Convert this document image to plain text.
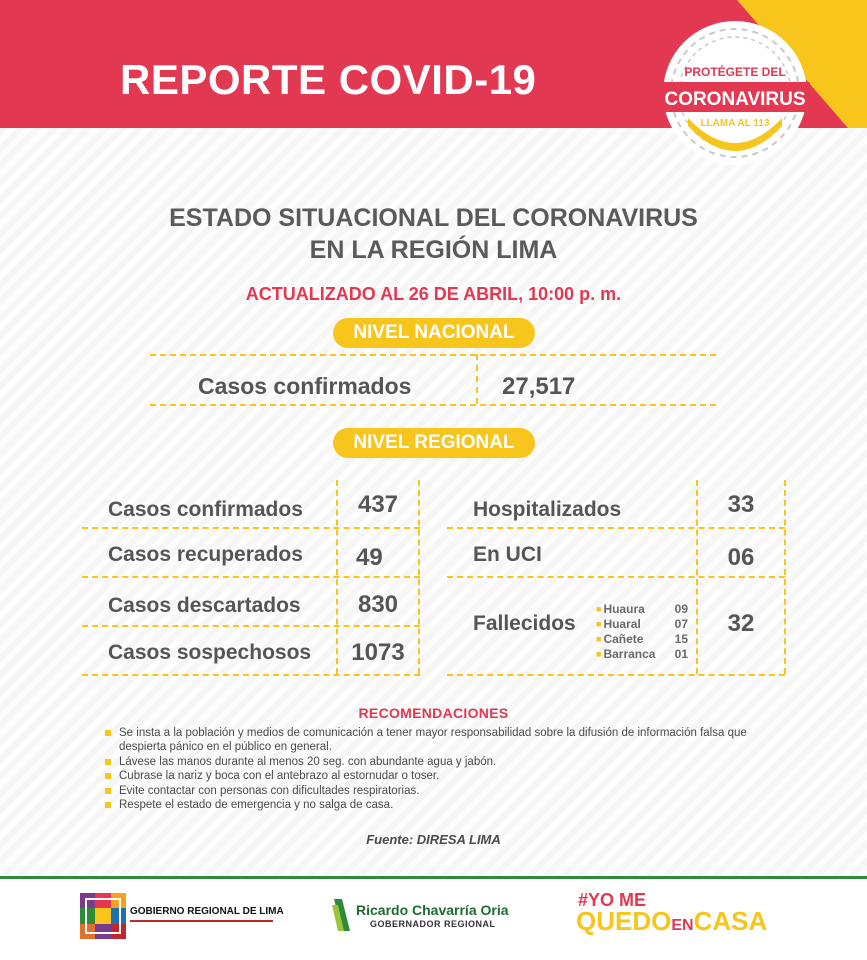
REPORTE COVID-19	PROTÉGETE DEL
CORONAVIRUS
LLAMA AL 113
ESTADO SITUACIONAL DEL CORONAVIRUS
EN LA REGIÓN LIMA
ACTUALIZADO AL 26 DE ABRIL, 10:00 p. m.
NIVEL NACIONAL
Casos confirmados	27,517
NIVEL REGIONAL
Casos confirmados	437
Casos recuperados 49
Casos descartados	830
Casos sospechosos	1073
Hospitalizados	33
En UCI	06
Fallecidos	32
■ Huaura	09
■ Huaral	07
■ Cañete	15
■ Barranca	01
RECOMENDACIONES
Se insta a la población y medios de comunicación a tener mayor responsabilidad sobre la difusión de información falsa que despierta pánico en el público en general.
Lávese las manos durante al menos 20 seg. con abundante agua y jabón.
Cubrase la nariz y boca con el antebrazo al estornudar o toser.
Evite contactar con personas con dificultades respiratorias.
Respete el estado de emergencia y no salga de casa.
Fuente: DIRESA LIMA
GOBIERNO REGIONAL DE LIMA	Ricardo Chavarría Oria
GOBERNADOR REGIONAL
#YO ME
QUEDOENCASA
